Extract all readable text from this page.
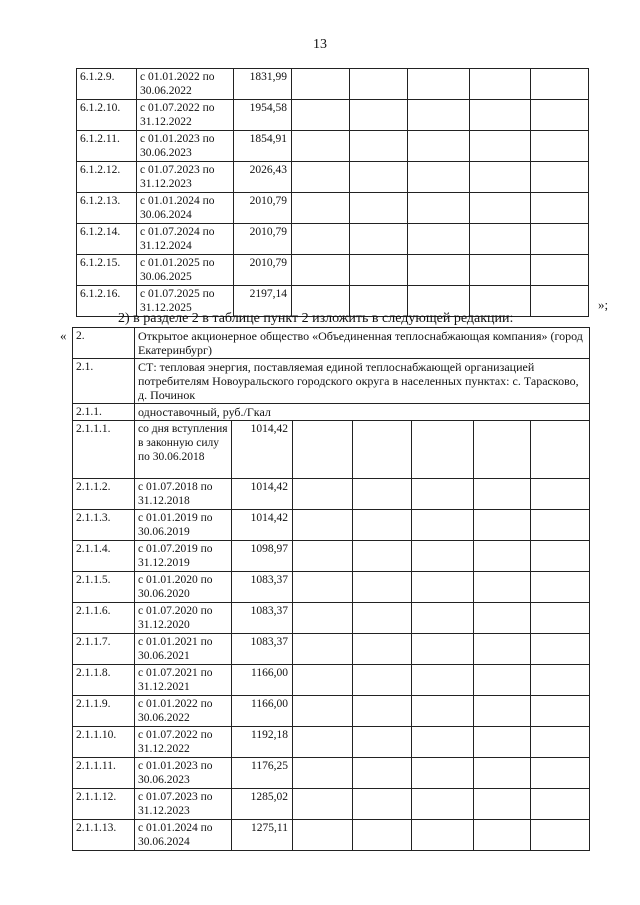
13
6.1.2.9.	с 01.01.2022 по 30.06.2022	1831,99					
6.1.2.10.	с 01.07.2022 по 31.12.2022	1954,58					
6.1.2.11.	с 01.01.2023 по 30.06.2023	1854,91					
6.1.2.12.	с 01.07.2023 по 31.12.2023	2026,43					
6.1.2.13.	с 01.01.2024 по 30.06.2024	2010,79					
6.1.2.14.	с 01.07.2024 по 31.12.2024	2010,79					
6.1.2.15.	с 01.01.2025 по 30.06.2025	2010,79					
6.1.2.16.	с 01.07.2025 по 31.12.2025	2197,14					
»;
2) в разделе 2 в таблице пункт 2 изложить в следующей редакции:
« 2.	Открытое акционерное общество «Объединенная теплоснабжающая компания» (город Екатеринбург)						
2.1.	СТ: тепловая энергия, поставляемая единой теплоснабжающей организацией потребителям Новоуральского городского округа в населенных пунктах: с. Тарасково, д. Починок						
2.1.1.	одноставочный, руб./Гкал						
2.1.1.1.	со дня вступления в законную силу по 30.06.2018	1014,42					
2.1.1.2.	с 01.07.2018 по 31.12.2018	1014,42					
2.1.1.3.	с 01.01.2019 по 30.06.2019	1014,42					
2.1.1.4.	с 01.07.2019 по 31.12.2019	1098,97					
2.1.1.5.	с 01.01.2020 по 30.06.2020	1083,37					
2.1.1.6.	с 01.07.2020 по 31.12.2020	1083,37					
2.1.1.7.	с 01.01.2021 по 30.06.2021	1083,37					
2.1.1.8.	с 01.07.2021 по 31.12.2021	1166,00					
2.1.1.9.	с 01.01.2022 по 30.06.2022	1166,00					
2.1.1.10.	с 01.07.2022 по 31.12.2022	1192,18					
2.1.1.11.	с 01.01.2023 по 30.06.2023	1176,25					
2.1.1.12.	с 01.07.2023 по 31.12.2023	1285,02					
2.1.1.13.	с 01.01.2024 по 30.06.2024	1275,11					
